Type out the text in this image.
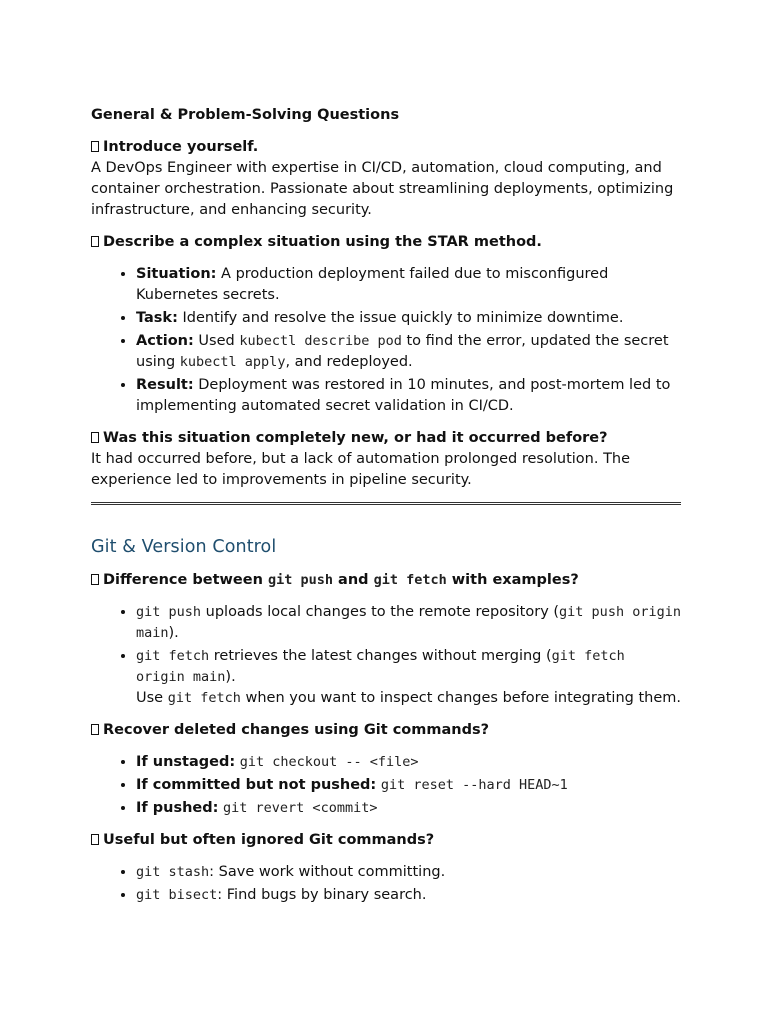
General & Problem-Solving Questions

Introduce yourself.

A DevOps Engineer with expertise in CI/CD, automation, cloud computing, and container orchestration. Passionate about streamlining deployments, optimizing infrastructure, and enhancing security.

Describe a complex situation using the STAR method.

• Situation: A production deployment failed due to misconfigured Kubernetes secrets.
• Task: Identify and resolve the issue quickly to minimize downtime.
• Action: Used kubectl describe pod to find the error, updated the secret using kubectl apply, and redeployed.
• Result: Deployment was restored in 10 minutes, and post-mortem led to implementing automated secret validation in CI/CD.

Was this situation completely new, or had it occurred before?

It had occurred before, but a lack of automation prolonged resolution. The experience led to improvements in pipeline security.

Git & Version Control

Difference between git push and git fetch with examples?

• git push uploads local changes to the remote repository (git push origin main).
• git fetch retrieves the latest changes without merging (git fetch origin main).
Use git fetch when you want to inspect changes before integrating them.

Recover deleted changes using Git commands?

• If unstaged: git checkout -- <file>
• If committed but not pushed: git reset --hard HEAD~1
• If pushed: git revert <commit>

Useful but often ignored Git commands?

• git stash: Save work without committing.
• git bisect: Find bugs by binary search.
